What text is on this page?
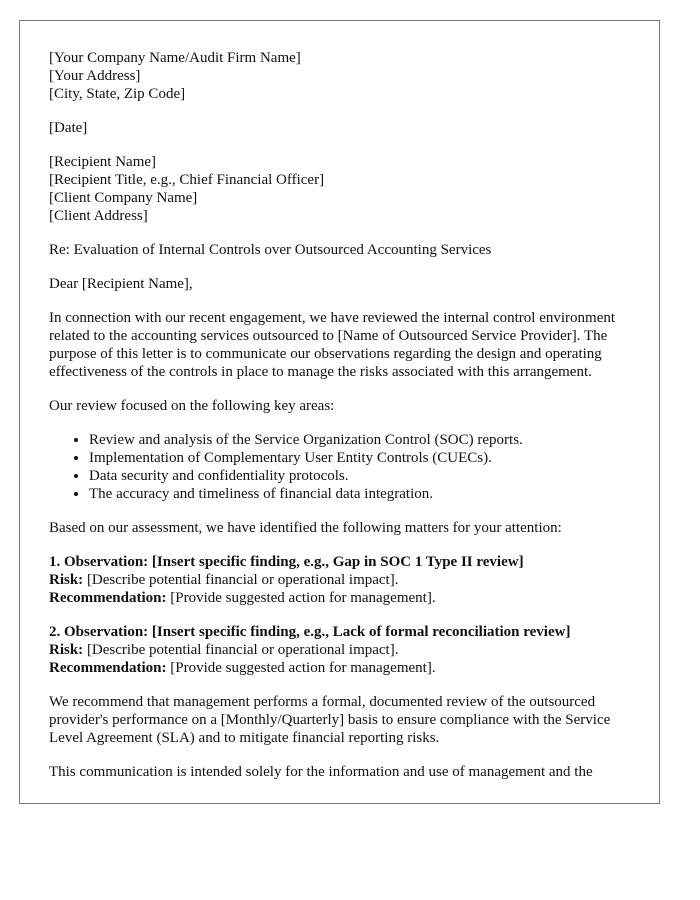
[Your Company Name/Audit Firm Name]
[Your Address]
[City, State, Zip Code]
[Date]
[Recipient Name]
[Recipient Title, e.g., Chief Financial Officer]
[Client Company Name]
[Client Address]

Re: Evaluation of Internal Controls over Outsourced Accounting Services

Dear [Recipient Name],

In connection with our recent engagement, we have reviewed the internal control environment related to the accounting services outsourced to [Name of Outsourced Service Provider]. The purpose of this letter is to communicate our observations regarding the design and operating effectiveness of the controls in place to manage the risks associated with this arrangement.

Our review focused on the following key areas:

• Review and analysis of the Service Organization Control (SOC) reports.
• Implementation of Complementary User Entity Controls (CUECs).
• Data security and confidentiality protocols.
• The accuracy and timeliness of financial data integration.

Based on our assessment, we have identified the following matters for your attention:

1. Observation: [Insert specific finding, e.g., Gap in SOC 1 Type II review]
Risk: [Describe potential financial or operational impact].
Recommendation: [Provide suggested action for management].
2. Observation: [Insert specific finding, e.g., Lack of formal reconciliation review]
Risk: [Describe potential financial or operational impact].
Recommendation: [Provide suggested action for management].

We recommend that management performs a formal, documented review of the outsourced provider's performance on a [Monthly/Quarterly] basis to ensure compliance with the Service Level Agreement (SLA) and to mitigate financial reporting risks.

This communication is intended solely for the information and use of management and the
